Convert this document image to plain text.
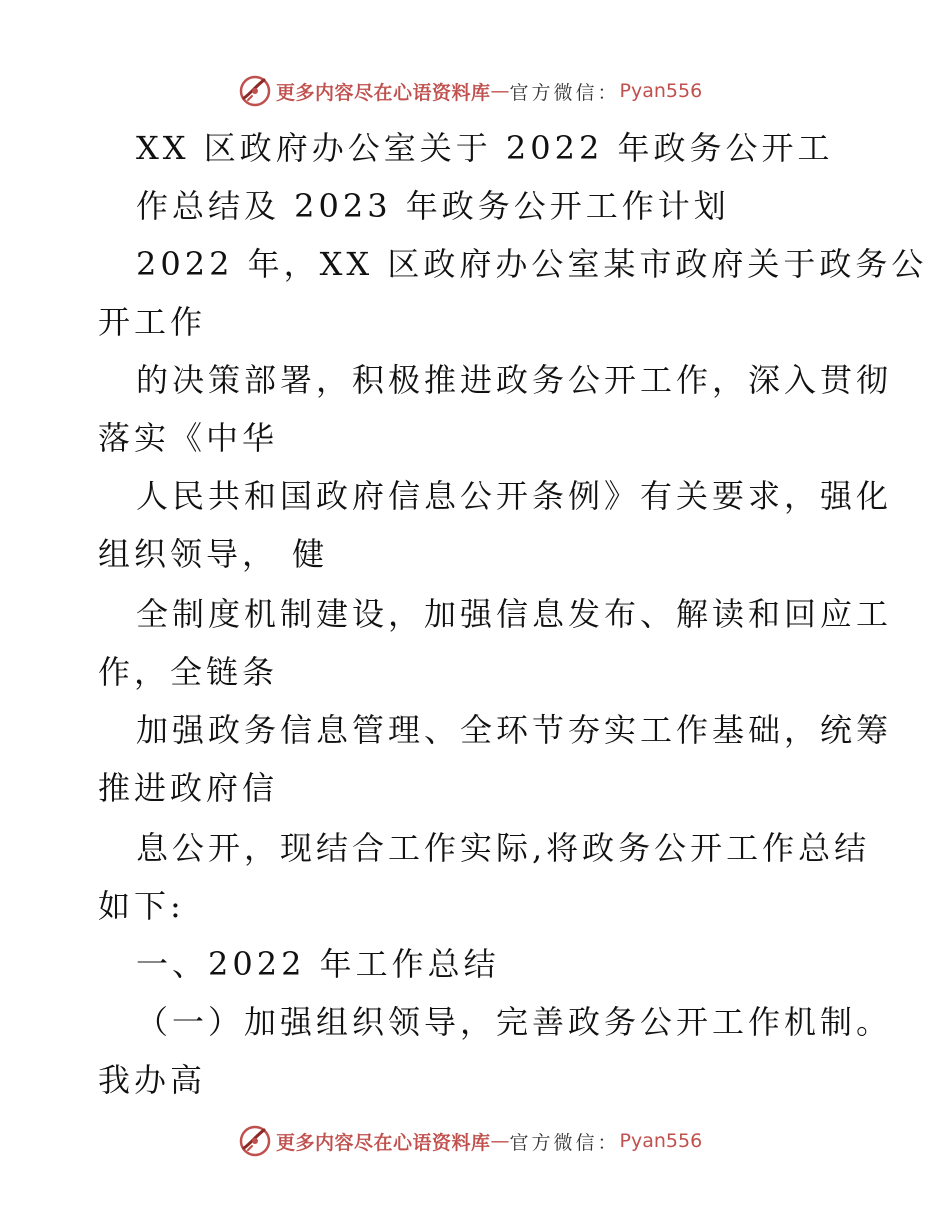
更多内容尽在心语资料库 — 官方微信： Pyan556
XX 区政府办公室关于 2022 年政务公开工
作总结及 2023 年政务公开工作计划
2022 年，XX 区政府办公室某市政府关于政务公
开工作
的决策部署，积极推进政务公开工作，深入贯彻
落实《中华
人民共和国政府信息公开条例》有关要求，强化
组织领导， 健
全制度机制建设，加强信息发布、解读和回应工
作，全链条
加强政务信息管理、全环节夯实工作基础，统筹
推进政府信
息公开，现结合工作实际,将政务公开工作总结
如下:
一、2022 年工作总结
（一）加强组织领导，完善政务公开工作机制。
我办高
更多内容尽在心语资料库 — 官方微信： Pyan556
